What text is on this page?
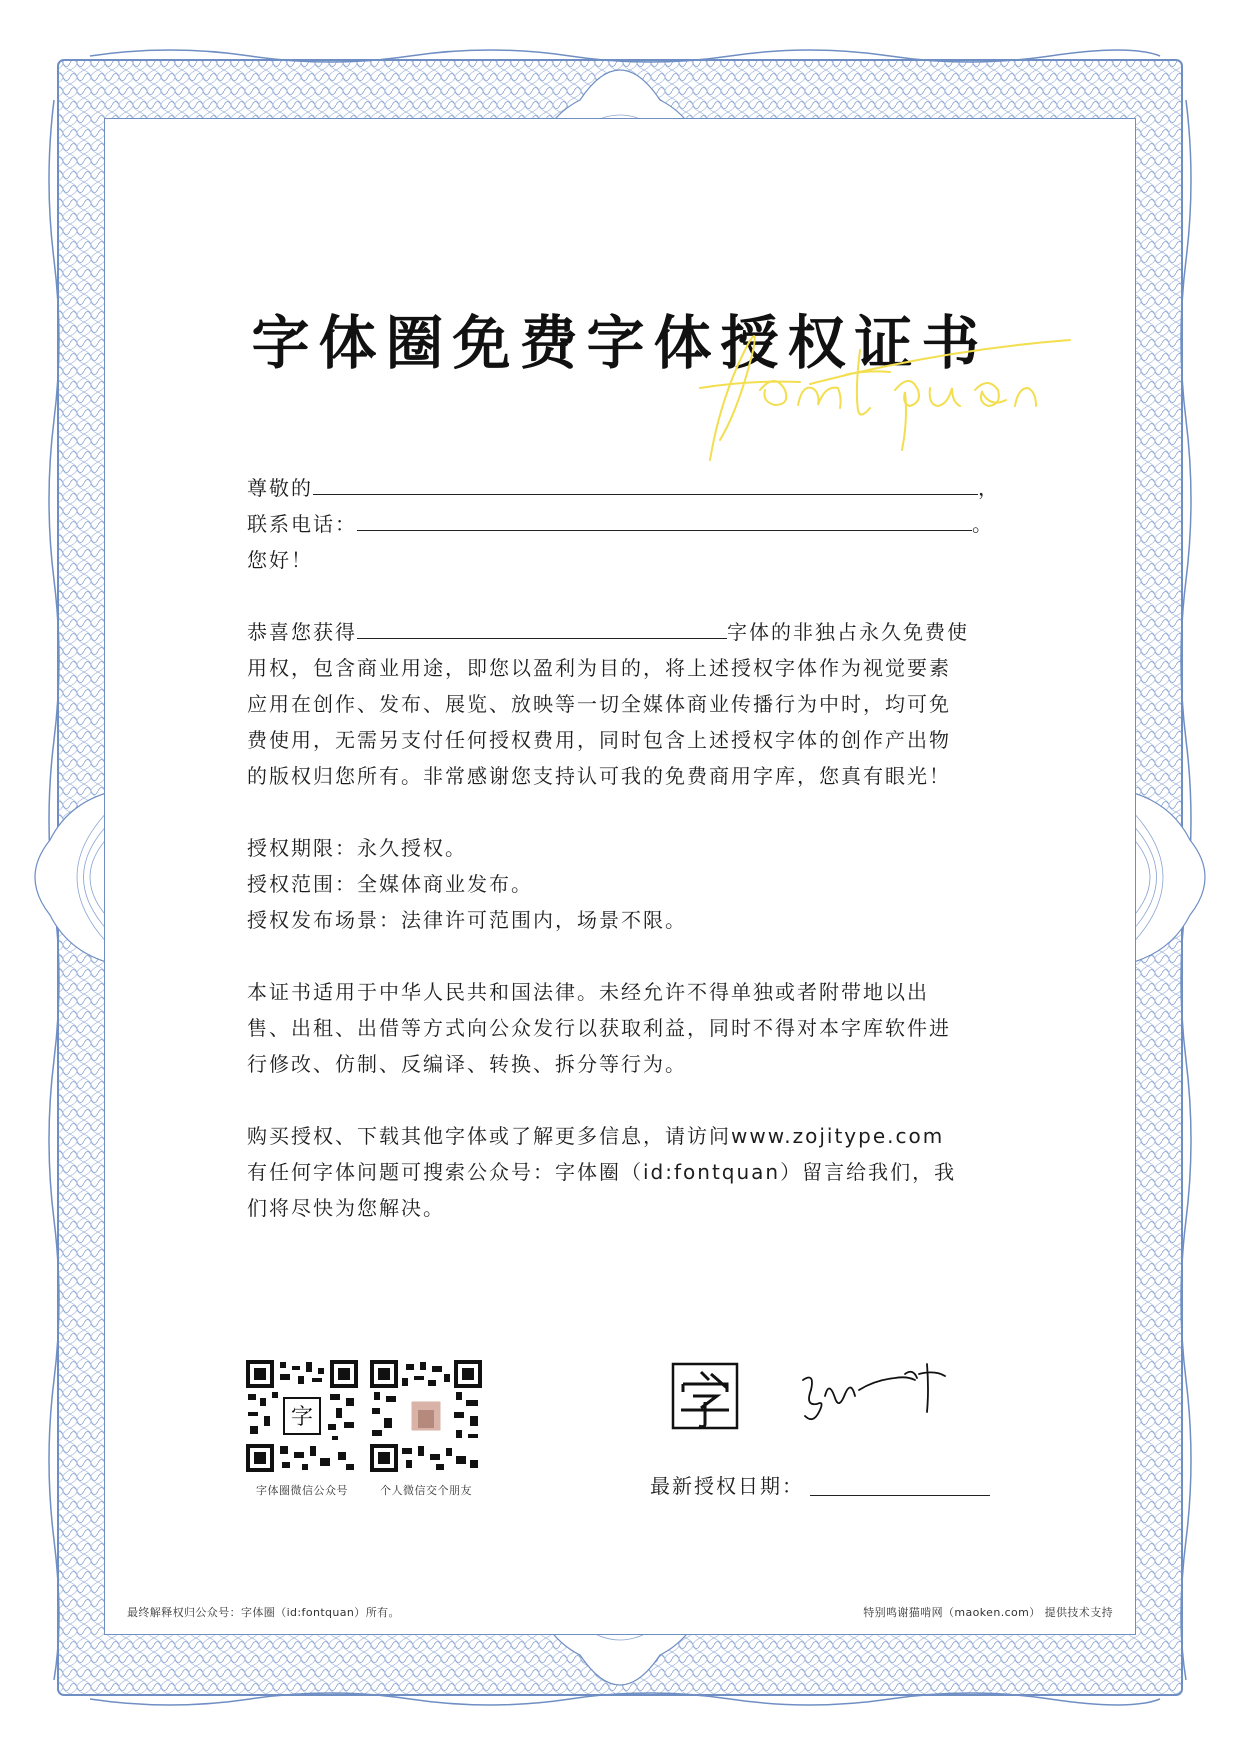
字体圈免费字体授权证书
尊敬的	，
联系电话：	。
您好！
恭喜您获得	字体的非独占永久免费使
用权，包含商业用途，即您以盈利为目的，将上述授权字体作为视觉要素
应用在创作、发布、展览、放映等一切全媒体商业传播行为中时，均可免
费使用，无需另支付任何授权费用，同时包含上述授权字体的创作产出物
的版权归您所有。非常感谢您支持认可我的免费商用字库，您真有眼光！
授权期限：永久授权。
授权范围：全媒体商业发布。
授权发布场景：法律许可范围内，场景不限。
本证书适用于中华人民共和国法律。未经允许不得单独或者附带地以出
售、出租、出借等方式向公众发行以获取利益，同时不得对本字库软件进
行修改、仿制、反编译、转换、拆分等行为。
购买授权、下载其他字体或了解更多信息，请访问www.zojitype.com
有任何字体问题可搜索公众号：字体圈（id:fontquan）留言给我们，我
们将尽快为您解决。
字
字体圈微信公众号	个人微信交个朋友	最新授权日期：
最终解释权归公众号：字体圈（id:fontquan）所有。	特别鸣谢猫啃网（maoken.com） 提供技术支持
